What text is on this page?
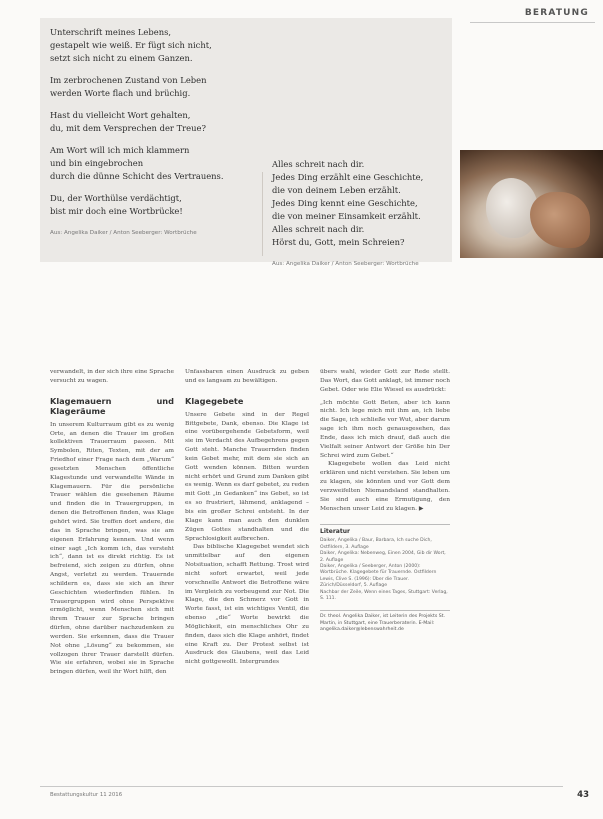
BERATUNG
Unterschrift meines Lebens,
gestapelt wie weiß. Er fügt sich nicht,
setzt sich nicht zu einem Ganzen.
Im zerbrochenen Zustand von Leben
werden Worte flach und brüchig.
Hast du vielleicht Wort gehalten,
du, mit dem Versprechen der Treue?
Am Wort will ich mich klammern
und bin eingebrochen
durch die dünne Schicht des Vertrauens.
Du, der Worthülse verdächtigt,
bist mir doch eine Wortbrücke!
Aus: Angelika Daiker / Anton Seeberger: Wortbrüche
Alles schreit nach dir.
Jedes Ding erzählt eine Geschichte,
die von deinem Leben erzählt.
Jedes Ding kennt eine Geschichte,
die von meiner Einsamkeit erzählt.
Alles schreit nach dir.
Hörst du, Gott, mein Schreien?
Aus: Angelika Daiker / Anton Seeberger: Wortbrüche

verwandelt, in der sich ihre eine Sprache versucht zu wagen.

Klagemauern und Klageräume

In unserem Kulturraum gibt es zu wenig Orte, an denen die Trauer im großen kollektiven Trauerraum passen. Mit Symbolen, Riten, Texten, mit der am Friedhof einer Frage nach dem „Warum“ gesetzten Menschen öffentliche Klagestunde und verwandelte Wände in Klagemauern. Für die persönliche Trauer wählen die gesehenen Räume und finden die in Trauergruppen, in denen die Betroffenen finden, was Klage gehört wird. Sie treffen dort andere, die das in Sprache bringen, was sie am eigenen Erfahrung kennen. Und wenn einer sagt „Ich komm ich, das versteht ich“, dann ist es direkt richtig. Es ist befreiend, sich zeigen zu dürfen, ohne Angst, verletzt zu werden. Trauernde schildern es, dass sie sich an ihrer Geschichten wiederfinden fühlen. In Trauergruppen wird ohne Perspektive ermöglicht, wenn Menschen sich mit ihrem Trauer zur Sprache bringen dürfen, ohne darüber nachzudenken zu werden. Sie erkennen, dass die Trauer Not ohne „Lösung“ zu bekommen, sie vollzogen ihrer Trauer darstellt dürfen. Wie sie erfahren, wobei sie in Sprache bringen dürfen, weil ihr Wort hilft, den

Unfassbaren einen Ausdruck zu geben und es langsam zu bewältigen.

Klagegebete

Unsere Gebete sind in der Regel Bittgebete, Dank, ebenso. Die Klage ist eine vorübergehende Gebetsform, weil sie im Verdacht des Aufbegehrens gegen Gott steht. Manche Trauernden finden kein Gebet mehr, mit dem sie sich an Gott wenden können. Bitten wurden nicht erhört und Grund zum Danken gibt es wenig. Wenn es darf gebetet, zu reden mit Gott „in Gedanken“ ins Gebet, so ist es so frustriert, lähmend, anklagend – bis ein großer Schrei entsteht. In der Klage kann man auch den dunklen Zügen Gottes standhalten und die Sprachlosigkeit aufbrechen.

Das biblische Klagegebet wendet sich unmittelbar auf den eigenen Notsituation, schafft Rettung. Trost wird nicht sofort erwartet, weil jede vorschnelle Antwort die Betroffene wäre im Vergleich zu vorbeugend zur Not. Die Klage, die den Schmerz vor Gott in Worte fasst, ist ein wichtiges Ventil, die ebenso „die“ Worte bewirkt die Möglichkeit, ein menschliches Ohr zu finden, dass sich die Klage anhört, findet eine Kraft zu. Der Protest selbst ist Ausdruck des Glaubens, weil das Leid nicht gottgewollt. Intergrundes

übers wahl, wieder Gott zur Rede stellt. Das Wort, das Gott anklagt, ist immer noch Gebet. Oder wie Elie Wiesel es ausdrückt:

„Ich möchte Gott Beten, aber ich kann nicht. Ich lege mich mit ihm an, ich liebe die Sage, ich schließe vor Wut, aber darum sage ich ihm noch genausgesehen, das Ende, dass ich mich drauf, daß auch die Vielfalt seiner Antwort der Größe hin Der Schrei wird zum Gebet.“

Klagegebete wollen das Leid nicht erklären und nicht verstehen. Sie leben um zu klagen, sie könnten und vor Gott dem verzweifelten Niemandsland standhalten. Sie sind auch eine Ermutigung, den Menschen unser Leid zu klagen. ▶

Literatur
Daiker, Angelika / Baur, Barbara, Ich suche Dich, Ostfildern, 3. Auflage
Daiker, Angelika: Nebenweg, Einen 2004, Gib dir Wort, 2. Auflage
Daiker, Angelika / Seeberger, Anton (2000): Wortbrüche. Klagegebete für Trauernde. Ostfildern
Lewis, Clive S. (1996): Über die Trauer. Zürich/Düsseldorf, 5. Auflage
Nachbar der Zeile, Wenn eines Tages, Stuttgart: Verlag, S. 111.
Dr. theol. Angelika Daiker, ist Leiterin des Projekts St. Martin, in Stuttgart, eine Trauerberaterin. E-Mail: angelika.daiker@lebenswahrheit.de
Bestattungskultur 11 2016	43
